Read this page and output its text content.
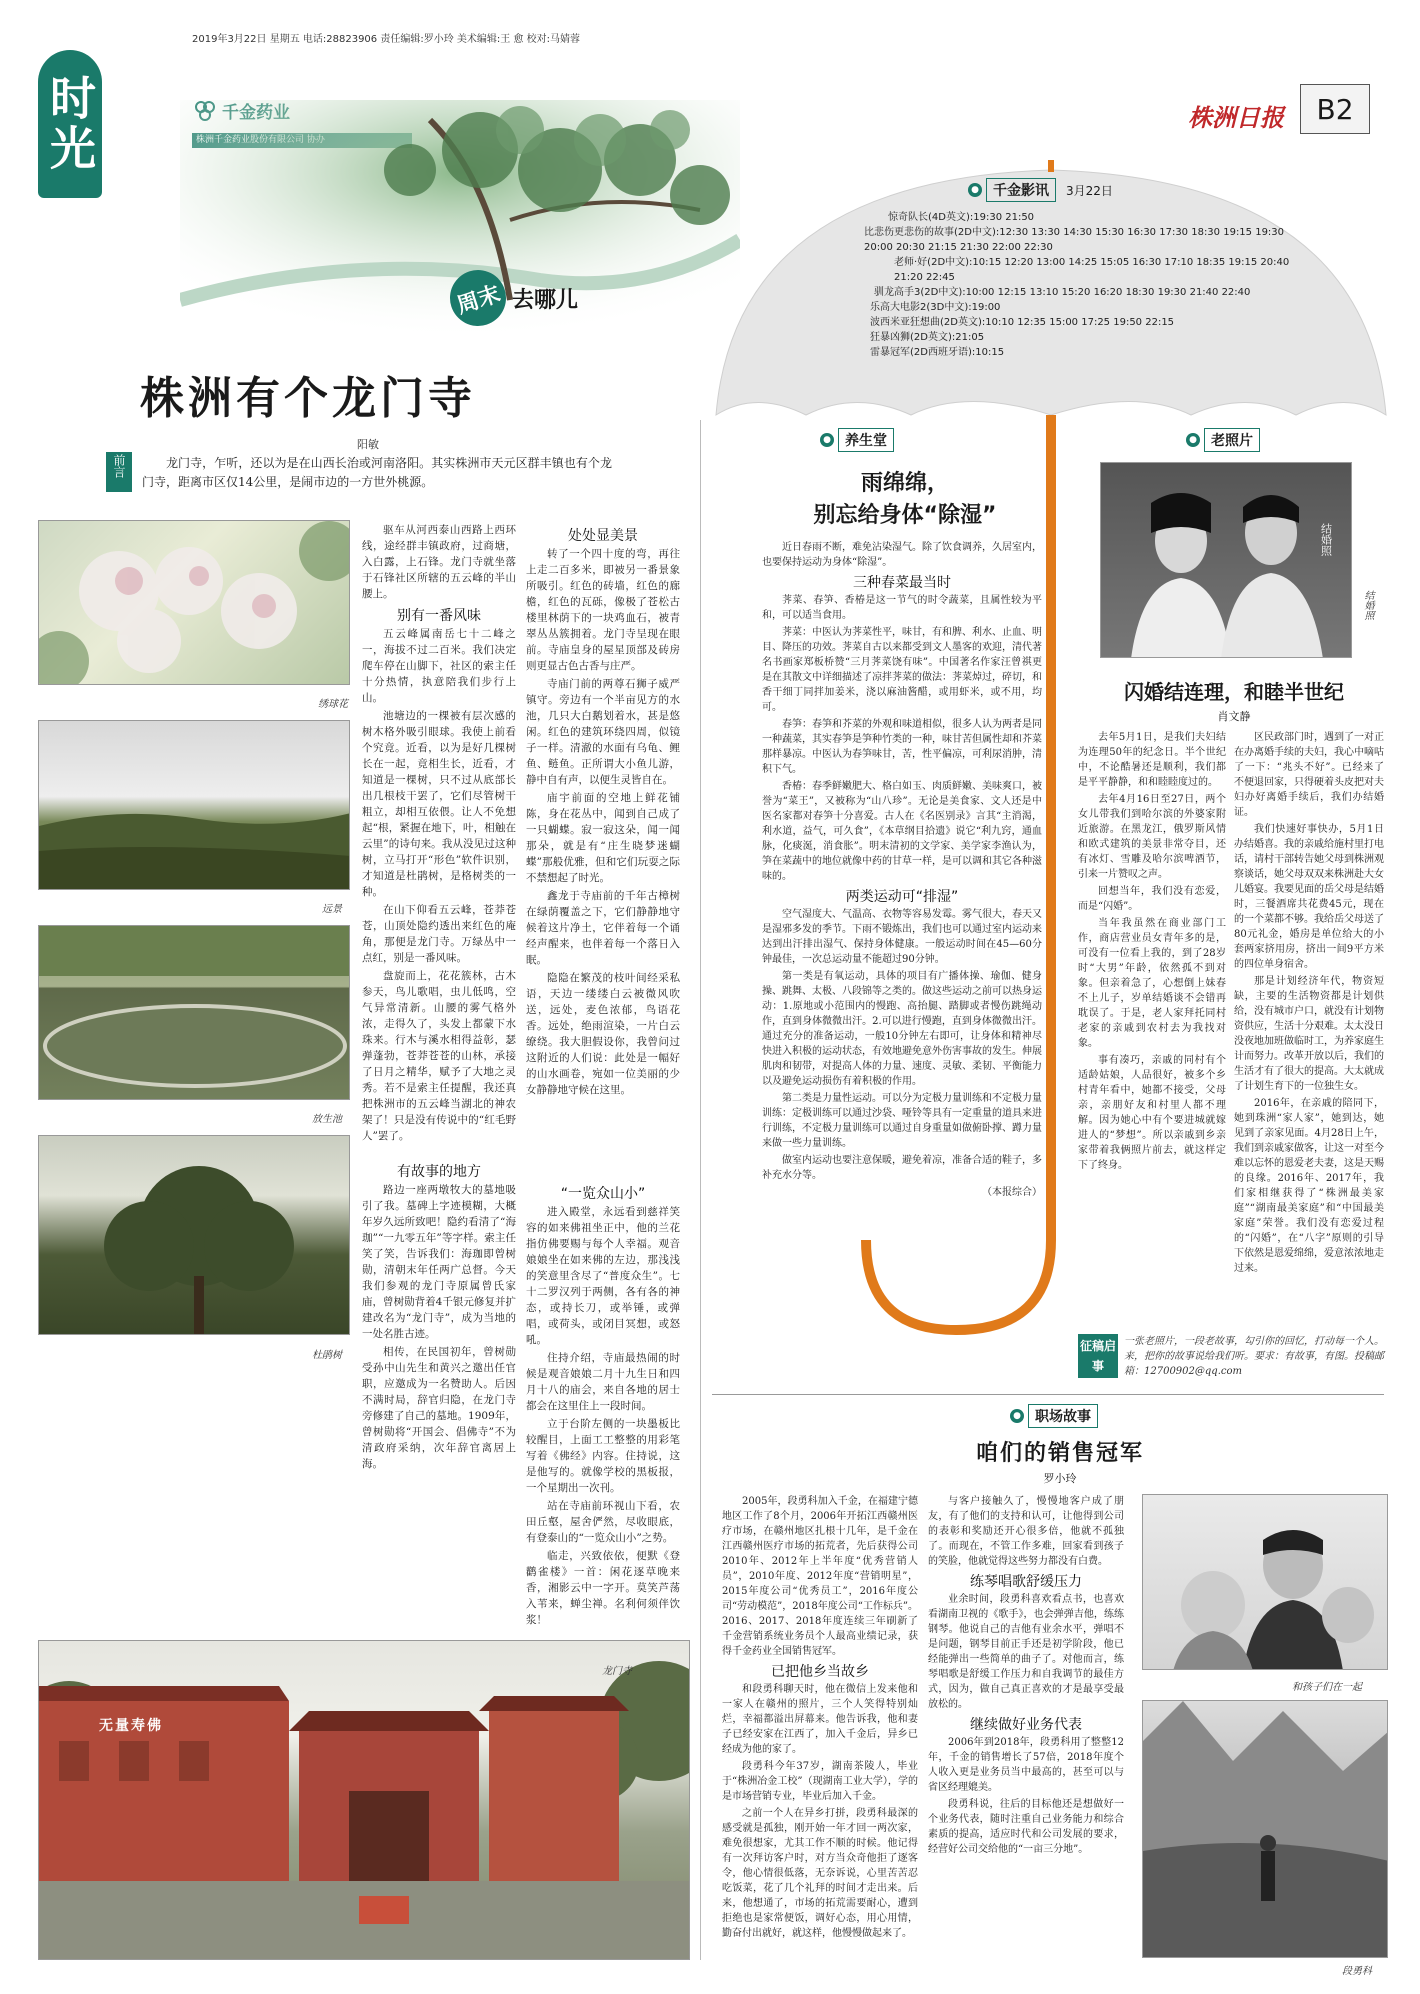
2019年3月22日 星期五 电话:28823906 责任编辑:罗小玲 美术编辑:王 愈 校对:马婧蓉
时光	株洲日报	B2
周末 去哪儿
株洲有个龙门寺
阳敏
前言	龙门寺，乍听，还以为是在山西长治或河南洛阳。其实株洲市天元区群丰镇也有个龙门寺，距离市区仅14公里，是闹市边的一方世外桃源。
绣球花
远景
放生池
杜鹃树
无量寿佛
龙门寺

驱车从河西泰山西路上西环线，途经群丰镇政府，过商塘，入白露，上石锋。龙门寺就坐落于石锋社区所辖的五云峰的半山腰上。

别有一番风味

五云峰属南岳七十二峰之一，海拔不过二百米。我们决定爬车停在山脚下，社区的索主任十分热情，执意陪我们步行上山。

池塘边的一棵被有层次感的树木格外吸引眼球。我使上前看个究竟。近看，以为是好几棵树长在一起，竟相生长，近看，才知道是一棵树，只不过从底部长出几根枝干罢了，它们尽管树干粗立，却相互依偎。让人不免想起“根，紧握在地下，叶，相触在云里”的诗句来。我从没见过这种树，立马打开“形色”软件识别，才知道是杜鹃树，是格树类的一种。

在山下仰看五云峰，苍莽苍苍，山顶处隐约透出来红色的庵角，那便是龙门寺。万绿丛中一点红，别是一番风味。

盘旋而上，花花簇林，古木参天，鸟儿歌唱，虫儿低鸣，空气异常清新。山腰的雾气格外浓，走得久了，头发上都蒙下水珠来。行木与溪水相得益彰，瑟弹蓬勃，苍莽苍苍的山林，承接了日月之精华，赋予了大地之灵秀。若不是索主任提醒，我还真把株洲市的五云峰当湖北的神农架了！只是没有传说中的“红毛野人”罢了。

有故事的地方

路边一座两墩牧大的墓地吸引了我。墓碑上字迹模糊，大概年岁久远所致吧！隐约看清了“海珈”“一九零五年”等字样。索主任笑了笑，告诉我们：海珈即曾树勋，清朝末年任两广总督。今天我们参观的龙门寺原属曾氏家庙，曾树勋背着4千银元修复并扩建改名为“龙门寺”，成为当地的一处名胜古迹。

相传，在民国初年，曾树勋受孙中山先生和黄兴之邀出任官职，应邀成为一名赞助人。后因不满时局，辞官归隐，在龙门寺旁修建了自己的墓地。1909年，曾树勋将“开国会、倡佛寺”不为清政府采纳，次年辞官离居上海。

处处显美景

转了一个四十度的弯，再往上走二百多米，即被另一番景象所吸引。红色的砖墙，红色的廊檐，红色的瓦砾，像极了苍松古楼里林荫下的一块鸡血石，被青翠丛丛簇拥着。龙门寺呈现在眼前。寺庙皇身的屋星顶部及砖房则更显古色古香与庄严。

寺庙门前的两尊石狮子威严镇守。旁边有一个半亩见方的水池，几只大白鹅划着水，甚是悠闲。红色的建筑环绕四周，似镜子一样。清澈的水面有乌龟、鲤鱼、鲢鱼。正所谓大小鱼儿游，静中自有声，以便生灵皆自在。

庙宇前面的空地上鲜花铺陈，身在花丛中，闻到自己成了一只蝴蝶。寂一寂这朵，闻一闻那朵，就是有“庄生晓梦迷蝴蝶”那般优雅，但和它们玩耍之际不禁想起了时光。

鑫龙于寺庙前的千年古樟树在绿荫覆盖之下，它们静静地守候着这片净土，它伴着每一个诵经声醒来，也伴着每一个落日入眠。

隐隐在繁茂的枝叶间经采私语，天边一缕缕白云被微风吹送，远处，麦色浓郁，鸟语花香。远处，绝雨渲染，一片白云缭绕。我大胆假设你，我曾问过这附近的人们说：此处是一幅好的山水画卷，宛如一位美丽的少女静静地守候在这里。

“一览众山小”

进入殿堂，永远看到慈祥笑容的如来佛祖坐正中，他的兰花指仿佛要赐与每个人幸福。观音娘娘坐在如来佛的左边，那浅浅的笑意里含尽了“普度众生”。七十二罗汉列于两侧，各有各的神态，或持长刀，或举锤，或弹唱，或荷头，或闭目冥想，或怒吼。

住持介绍，寺庙最热闹的时候是观音娘娘二月十九生日和四月十八的庙会，来自各地的居士都会在这里住上一段时间。

立于台阶左侧的一块墨板比较醒目，上面工工整整的用彩笔写着《佛经》内容。住持说，这是他写的。就像学校的黑板报，一个星期出一次刊。

站在寺庙前环视山下看，农田丘壑，屋舍俨然，尽收眼底，有登泰山的“一览众山小”之势。

临走，兴致依依，便默《登鹳雀楼》一首：闲花逐草晚来香，湘影云中一字开。莫笑芦荡入苇来，蝉尘禅。名利何须伴饮浆！

●	千金影讯	3月22日
惊奇队长(4D英文):19:30 21:50
比悲伤更悲伤的故事(2D中文):12:30 13:30 14:30 15:30 16:30 17:30 18:30 19:15 19:30 20:00 20:30 21:15 21:30 22:00 22:30
老师·好(2D中文):10:15 12:20 13:00 14:25 15:05 16:30 17:10 18:35 19:15 20:40 21:20 22:45
驯龙高手3(2D中文):10:00 12:15 13:10 15:20 16:20 18:30 19:30 21:40 22:40
乐高大电影2(3D中文):19:00
波西米亚狂想曲(2D英文):10:10 12:35 15:00 17:25 19:50 22:15
狂暴凶狮(2D英文):21:05
雷暴冠军(2D西班牙语):10:15
●	养生堂
雨绵绵，
别忘给身体“除湿”

近日春雨不断，难免沾染湿气。除了饮食调养，久居室内，也要保持运动为身体“除湿”。

三种春菜最当时

荠菜、春笋、香椿是这一节气的时令蔬菜，且属性较为平和，可以适当食用。

荠菜：中医认为荠菜性平，味甘，有和脾、利水、止血、明目、降压的功效。荠菜自古以来都受到文人墨客的欢迎，清代著名书画家郑板桥赞“三月荠菜饶有味”。中国著名作家汪曾祺更是在其散文中详细描述了凉拌荠菜的做法：荠菜焯过，碎切，和香干细丁同拌加姜米，浇以麻油酱醋，或用虾米，或不用，均可。

春笋：春笋和芥菜的外观和味道相似，很多人认为两者是同一种蔬菜，其实春笋是笋种竹类的一种，味甘苦但属性却和芥菜那样暴凉。中医认为春笋味甘，苦，性平偏凉，可利尿消肿，清积下气。

香椿：春季鲜嫩肥大、格白如玉、肉质鲜嫩、美味爽口，被誉为“菜王”，又被称为“山八珍”。无论是美食家、文人还是中医名家都对春笋十分喜爱。古人在《名医别录》言其“主消渴，利水道，益气，可久食”，《本草纲目拾遗》说它“利九窍，通血脉，化痰涎，消食胀”。明末清初的文学家、美学家李渔认为，笋在菜蔬中的地位就像中药的甘草一样，是可以调和其它各种滋味的。

两类运动可“排湿”

空气湿度大、气温高、衣物等容易发霉。雾气很大，春天又是湿邪多发的季节。下雨不锻炼出，我们也可以通过室内运动来达到出汗排出湿气、保持身体健康。一般运动时间在45—60分钟最佳，一次总运动量不能超过90分钟。

第一类是有氧运动，具体的项目有广播体操、瑜伽、健身操、跳舞、太极、八段锦等之类的。做这些运动之前可以热身运动：1.原地或小范围内的慢跑、高抬腿、踏脚或者慢伤跳绳动作，直到身体微微出汗。2.可以进行慢跑，直到身体微微出汗。通过充分的准备运动，一般10分钟左右即可，让身体和精神尽快进入积极的运动状态，有效地避免意外伤害事故的发生。伸展肌肉和韧带，对提高人体的力量、速度、灵敏、柔韧、平衡能力以及避免运动损伤有着积极的作用。

第二类是力量性运动。可以分为定极力量训练和不定极力量训练：定极训练可以通过沙袋、哑铃等具有一定重量的道具来进行训练，不定极力量训练可以通过自身重量如做俯卧撑、蹲力量来做一些力量训练。

做室内运动也要注意保暖，避免着凉，准备合适的鞋子，多补充水分等。

（本报综合）

●	老照片
结婚照
结婚照
闪婚结连理，和睦半世纪
肖文静

去年5月1日，是我们夫妇结为连理50年的纪念日。半个世纪中，不论酷暑还是顺利，我们都是平平静静，和和睦睦度过的。

去年4月16日至27日，两个女儿带我们到哈尔滨的外婆家附近旅游。在黑龙江，俄罗斯风情和欧式建筑的美景非常夺目，还有冰灯、雪雕及哈尔滨啤酒节，引来一片赞叹之声。

回想当年，我们没有恋爱，而是“闪婚”。

当年我虽然在商业部门工作，商店营业员女青年多的是，可没有一位看上我的，到了28岁时“大男”年龄，依然孤不到对象。但亲着急了，心想倒上妹春不上儿子，岁单结婚谈不会错再耽误了。于是，老人家拜托同村老家的亲戚到农村去为我找对象。

事有凑巧，亲戚的同村有个适龄姑娘，人品很好，被多个乡村青年看中，她都不接受，父母亲，亲朋好友和村里人都不理解。因为她心中有个要进城就嫁进人的“梦想”。所以亲戚到乡亲家带着我俩照片前去，就这样定下了终身。

区民政部门时，遇到了一对正在办离婚手续的夫妇，我心中嘀咕了一下：“兆头不好”。已经来了不便退回家，只得硬着头皮把对夫妇办好离婚手续后，我们办结婚证。

我们快速好事快办，5月1日办结婚喜。我的亲戚给施村里打电话，请村干部转告她父母到株洲观察谈话，她父母双双来株洲赴大女儿婚宴。我要见面的岳父母是结婚时，三餐酒席共花费45元，现在的一个菜都不够。我给岳父母送了80元礼金，婚房是单位给大的小套两家挤用房，挤出一间9平方米的四位单身宿舍。

那是计划经济年代，物资短缺，主要的生活物资都是计划供给，没有城市户口，就没有计划物资供应，生活十分艰难。太太没日没夜地加班做临时工，为养家庭生计而努力。改革开放以后，我们的生活才有了很大的提高。大太就成了计划生育下的一位独生女。

2016年，在亲戚的陪同下，她到珠洲“家人家”，她到达，她见到了亲家见面。4月28日上午，我们到亲戚家做客，让这一对至今难以忘怀的恩爱老夫妻，这是天赐的良缘。2016年、2017年，我们家相继获得了“株洲最美家庭”“湖南最美家庭”和“中国最美家庭”荣誉。我们没有恋爱过程的“闪婚”，在“八字”原则的引导下依然是恩爱绵绵，爱意浓浓地走过来。

征稿启事
一张老照片，一段老故事，勾引你的回忆，打动每一个人。来，把你的故事说给我们听。要求：有故事，有图。投稿邮箱：12700902@qq.com
●	职场故事
咱们的销售冠军
罗小玲

2005年，段勇科加入千金，在福建宁德地区工作了8个月，2006年开拓江西赣州医疗市场，在赣州地区扎根十几年，是千金在江西赣州医疗市场的拓荒者，先后获得公司2010年、2012年上半年度“优秀营销人员”，2010年度、2012年度“营销明星”，2015年度公司“优秀员工”，2016年度公司“劳动模范”，2018年度公司“工作标兵”。2016、2017、2018年度连续三年刷新了千金营销系统业务员个人最高业绩记录，获得千金药业全国销售冠军。

已把他乡当故乡

和段勇科聊天时，他在微信上发来他和一家人在赣州的照片，三个人笑得特别灿烂，幸福都溢出屏幕来。他告诉我，他和妻子已经安家在江西了，加入千金后，异乡已经成为他的家了。

段勇科今年37岁，湖南茶陵人，毕业于“株洲冶金工校”（现湖南工业大学），学的是市场营销专业，毕业后加入千金。

之前一个人在异乡打拼，段勇科最深的感受就是孤独，刚开始一年才回一两次家，难免很想家，尤其工作不顺的时候。他记得有一次拜访客户时，对方当众奇他拒了逐客令，他心情很低落，无奈诉说，心里苦苦忍吃饭菜，花了几个礼拜的时间才走出来。后来，他想通了，市场的拓荒需要耐心，遭到拒绝也是家常便饭，调好心态，用心用情，勤奋付出就好，就这样，他慢慢做起来了。

与客户接触久了，慢慢地客户成了朋友，有了他们的支持和认可，让他得到公司的表彰和奖励还开心很多倍，他就不孤独了。而现在，不管工作多难，回家看到孩子的笑脸，他就觉得这些努力都没有白费。

练琴唱歌舒缓压力

业余时间，段勇科喜欢看点书，也喜欢看湖南卫视的《歌手》，也会弹弹吉他，练练钢琴。他说自己的吉他有业余水平，弹唱不是问题，钢琴目前正手还是初学阶段，他已经能弹出一些简单的曲子了。对他而言，练琴唱歌是舒缓工作压力和自我调节的最佳方式，因为，做自己真正喜欢的才是最享受最放松的。

继续做好业务代表

2006年到2018年，段勇科用了整整12年，千金的销售增长了57倍，2018年度个人收入更是业务员当中最高的，甚至可以与省区经理媲美。

段勇科说，往后的目标他还是想做好一个业务代表，随时注重自己业务能力和综合素质的提高，适应时代和公司发展的要求，经营好公司交给他的“一亩三分地”。

和孩子们在一起
段勇科
